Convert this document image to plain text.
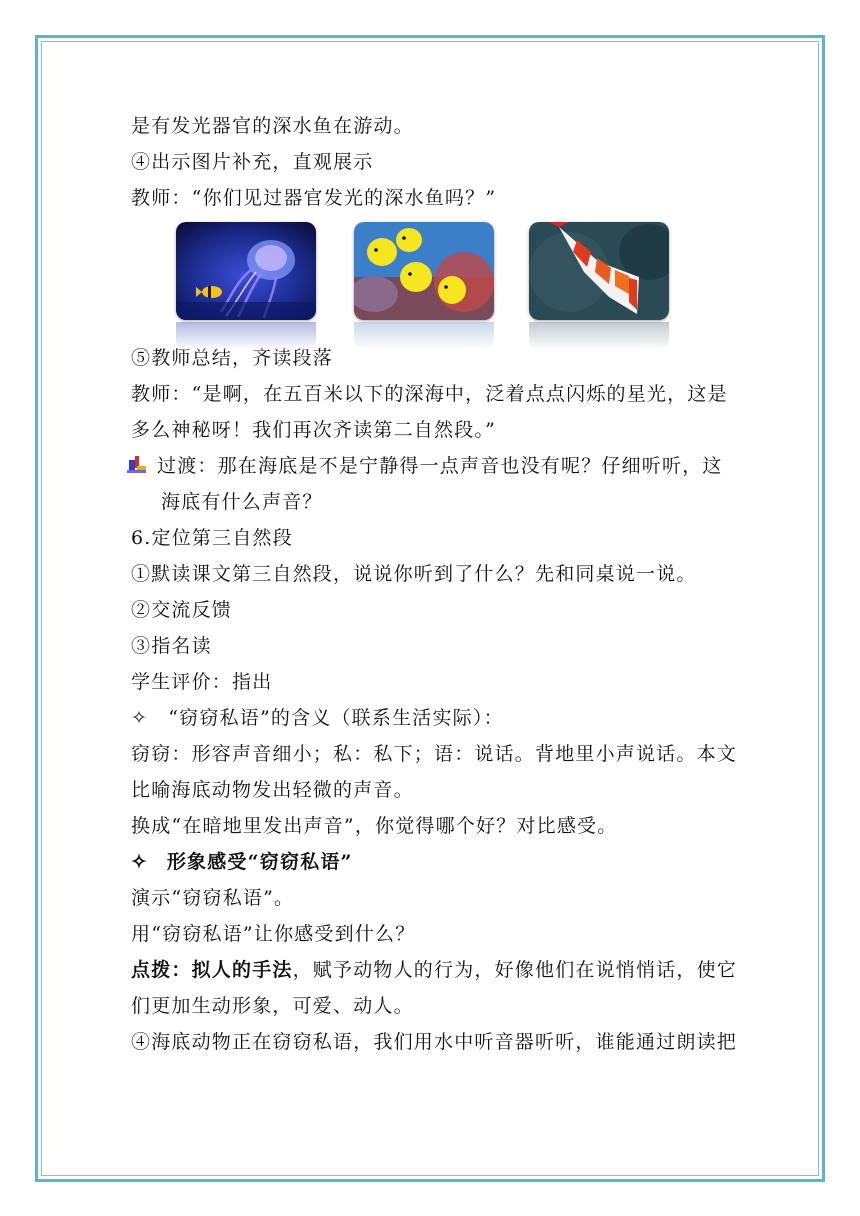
是有发光器官的深水鱼在游动。
④出示图片补充，直观展示
教师：“你们见过器官发光的深水鱼吗？”
⑤教师总结，齐读段落
教师：“是啊，在五百米以下的深海中，泛着点点闪烁的星光，这是
多么神秘呀！我们再次齐读第二自然段。”
过渡：那在海底是不是宁静得一点声音也没有呢？仔细听听，这
海底有什么声音？
6.定位第三自然段
①默读课文第三自然段，说说你听到了什么？先和同桌说一说。
②交流反馈
③指名读
学生评价：指出
✧ “窃窃私语”的含义（联系生活实际）：
窃窃：形容声音细小；私：私下；语：说话。背地里小声说话。本文
比喻海底动物发出轻微的声音。
换成“在暗地里发出声音”，你觉得哪个好？对比感受。
✧ 形象感受“窃窃私语”
演示“窃窃私语”。
用“窃窃私语”让你感受到什么？
点拨：拟人的手法，赋予动物人的行为，好像他们在说悄悄话，使它
们更加生动形象，可爱、动人。
④海底动物正在窃窃私语，我们用水中听音器听听，谁能通过朗读把
